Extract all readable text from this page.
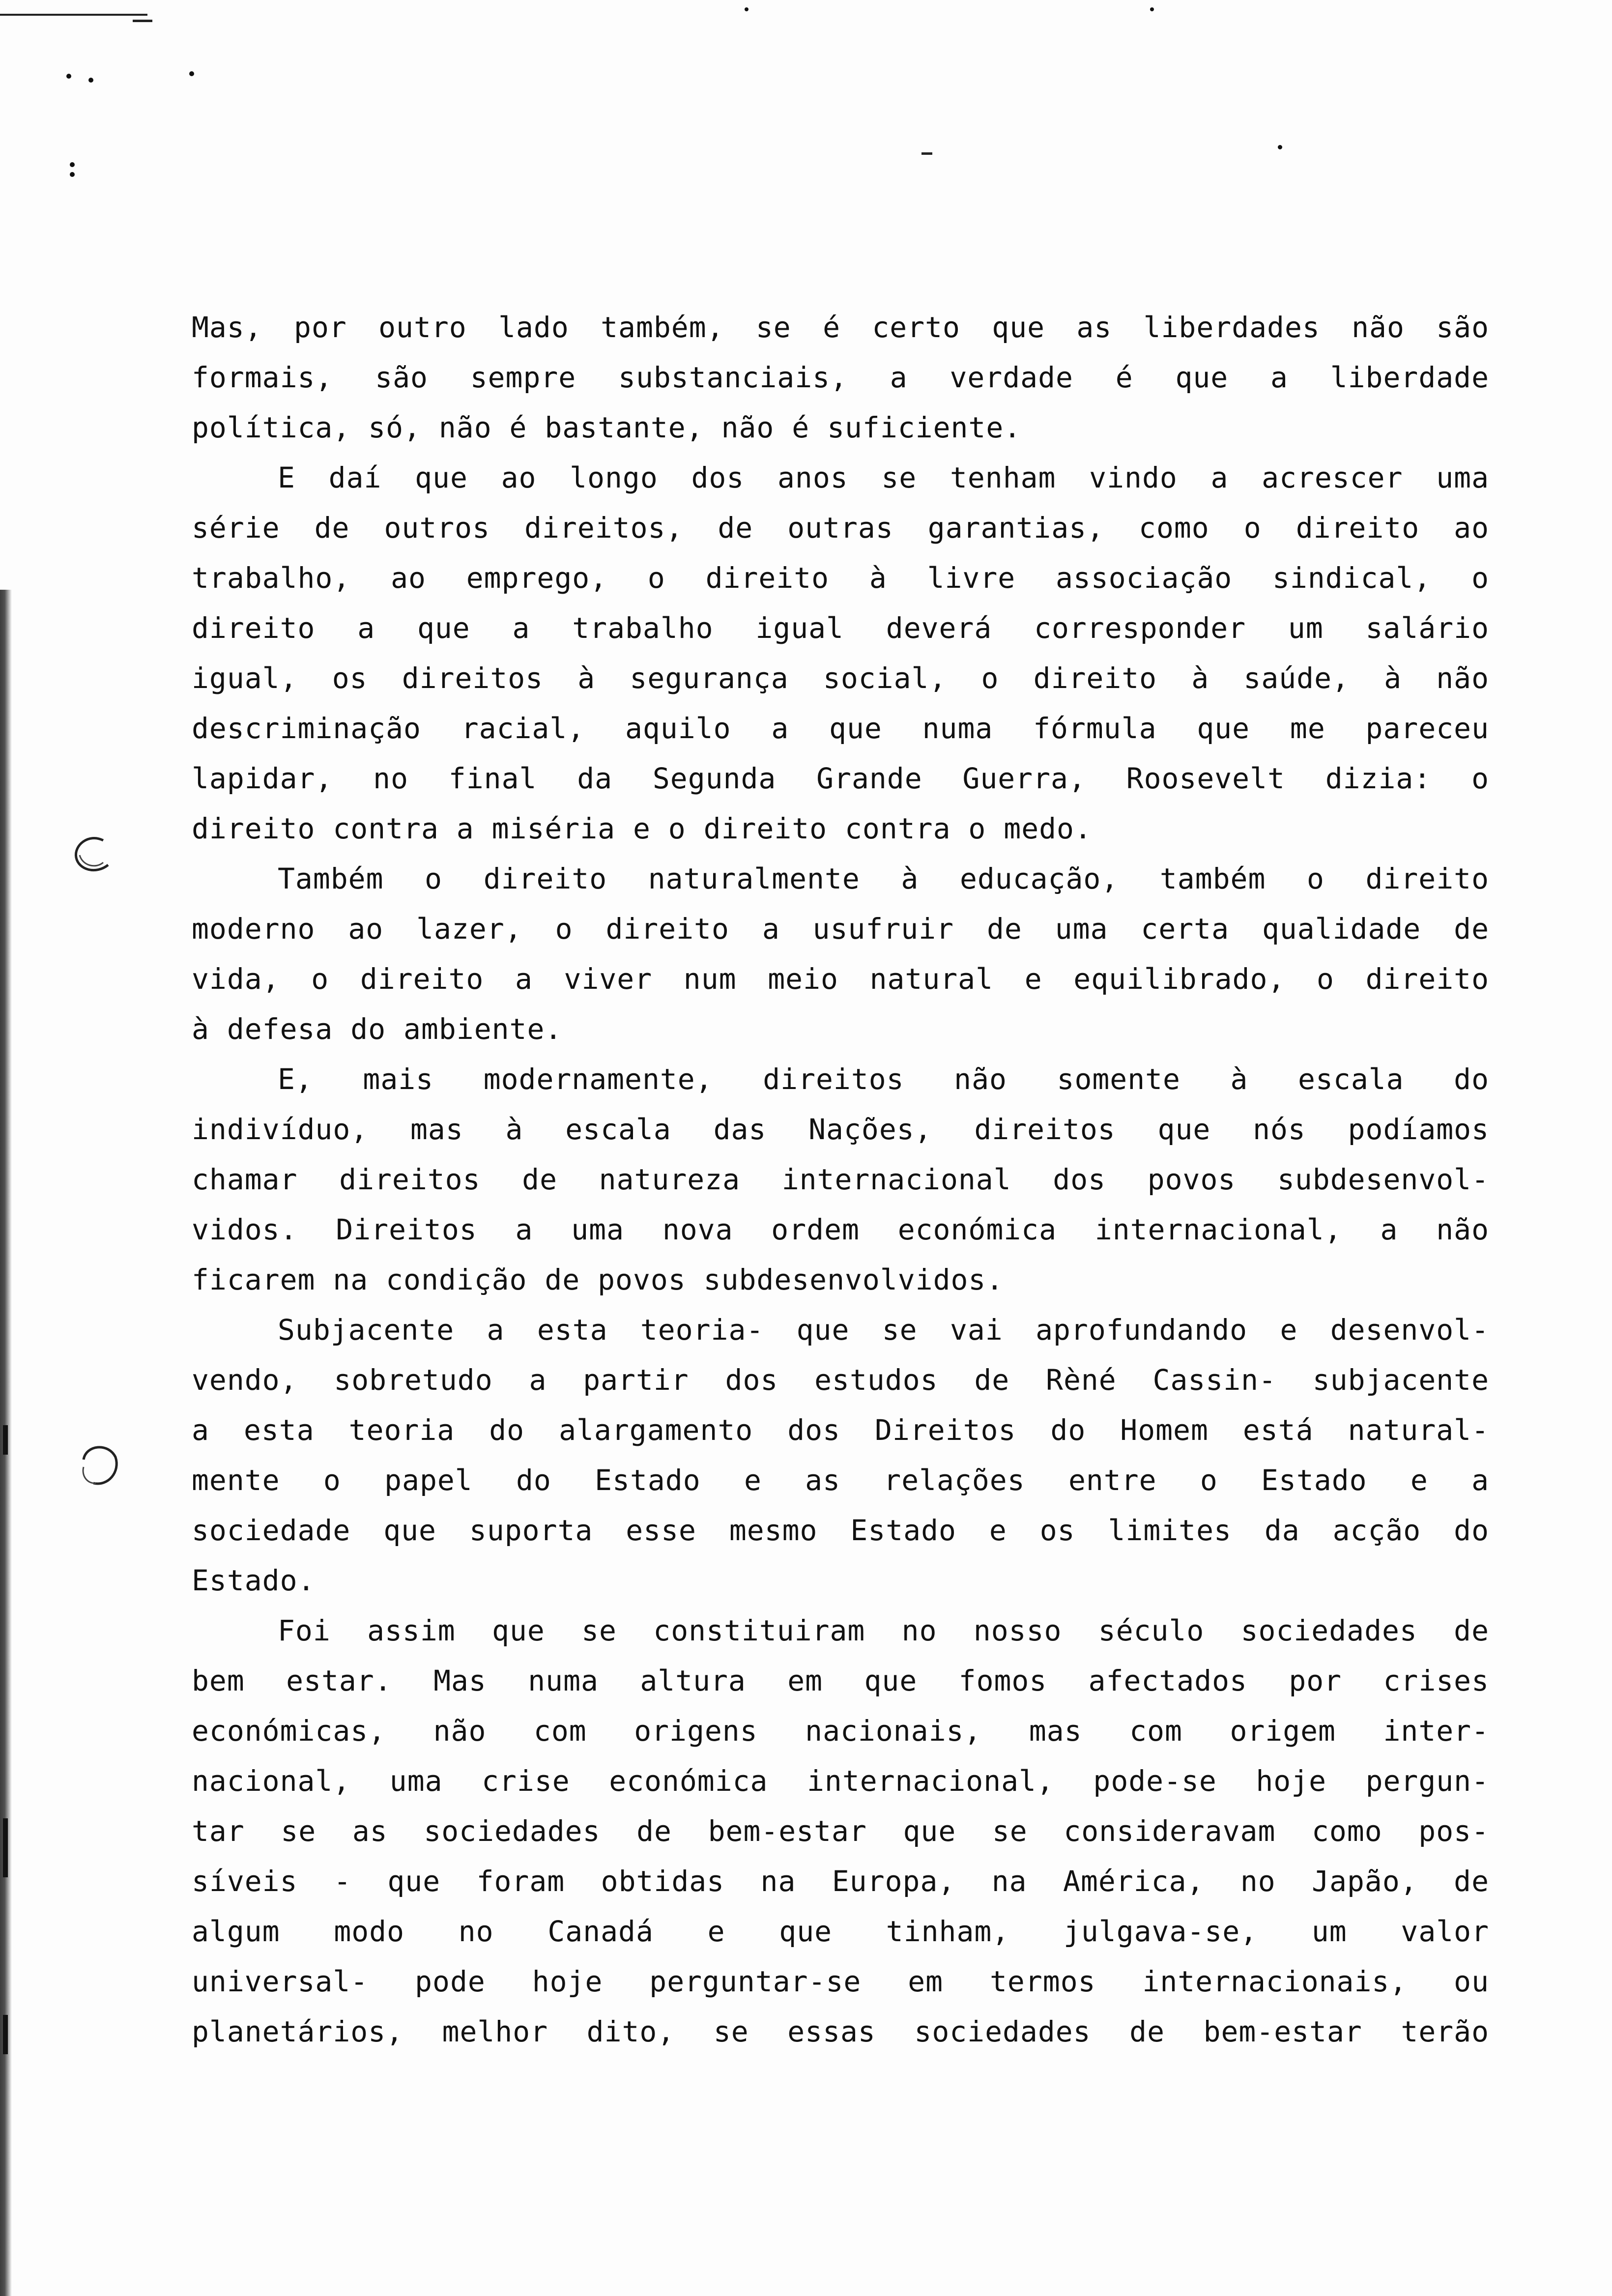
Mas, por outro lado também, se é certo que as liberdades não são
formais, são sempre substanciais, a verdade é que a liberdade
política, só, não é bastante, não é suficiente.
E daí que ao longo dos anos se tenham vindo a acrescer uma
série de outros direitos, de outras garantias, como o direito ao
trabalho, ao emprego, o direito à livre associação sindical, o
direito a que a trabalho igual deverá corresponder um salário
igual, os direitos à segurança social, o direito à saúde, à não
descriminação racial, aquilo a que numa fórmula que me pareceu
lapidar, no final da Segunda Grande Guerra, Roosevelt dizia: o
direito contra a miséria e o direito contra o medo.
Também o direito naturalmente à educação, também o direito
moderno ao lazer, o direito a usufruir de uma certa qualidade de
vida, o direito a viver num meio natural e equilibrado, o direito
à defesa do ambiente.
E, mais modernamente, direitos não somente à escala do
indivíduo, mas à escala das Nações, direitos que nós podíamos
chamar direitos de natureza internacional dos povos subdesenvol-
vidos. Direitos a uma nova ordem económica internacional, a não
ficarem na condição de povos subdesenvolvidos.
Subjacente a esta teoria- que se vai aprofundando e desenvol-
vendo, sobretudo a partir dos estudos de Rèné Cassin- subjacente
a esta teoria do alargamento dos Direitos do Homem está natural-
mente o papel do Estado e as relações entre o Estado e a
sociedade que suporta esse mesmo Estado e os limites da acção do
Estado.
Foi assim que se constituiram no nosso século sociedades de
bem estar. Mas numa altura em que fomos afectados por crises
económicas, não com origens nacionais, mas com origem inter-
nacional, uma crise económica internacional, pode-se hoje pergun-
tar se as sociedades de bem-estar que se consideravam como pos-
síveis - que foram obtidas na Europa, na América, no Japão, de
algum modo no Canadá e que tinham, julgava-se, um valor
universal- pode hoje perguntar-se em termos internacionais, ou
planetários, melhor dito, se essas sociedades de bem-estar terão
